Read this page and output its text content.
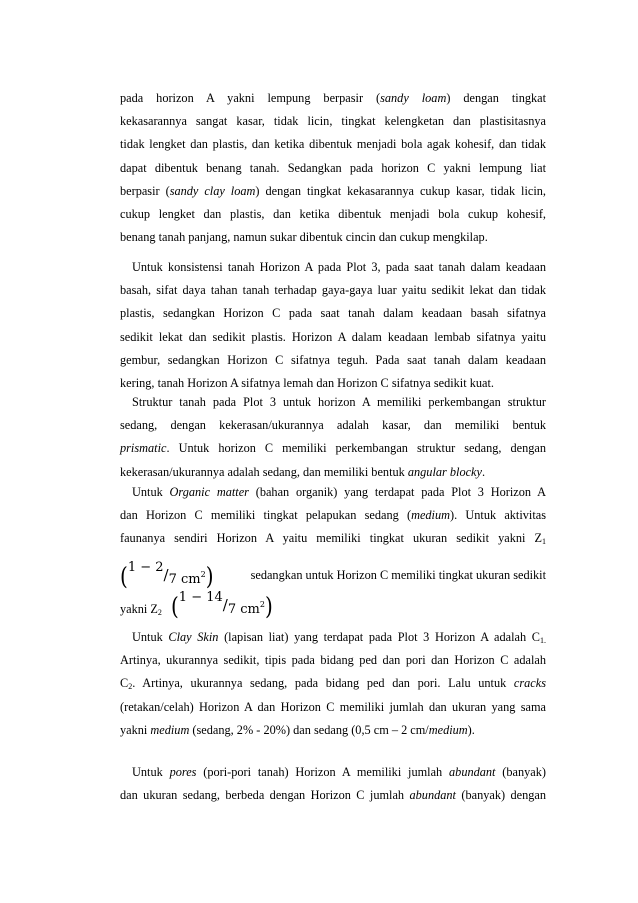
pada horizon A yakni lempung berpasir (sandy loam) dengan tingkat
kekasarannya sangat kasar, tidak licin, tingkat kelengketan dan plastisitasnya
tidak lengket dan plastis, dan ketika dibentuk menjadi bola agak kohesif, dan tidak
dapat dibentuk benang tanah. Sedangkan pada horizon C yakni lempung liat
berpasir (sandy clay loam) dengan tingkat kekasarannya cukup kasar, tidak licin,
cukup lengket dan plastis, dan ketika dibentuk menjadi bola cukup kohesif,
benang tanah panjang, namun sukar dibentuk cincin dan cukup mengkilap.
Untuk konsistensi tanah Horizon A pada Plot 3, pada saat tanah dalam keadaan
basah, sifat daya tahan tanah terhadap gaya-gaya luar yaitu sedikit lekat dan tidak
plastis, sedangkan Horizon C pada saat tanah dalam keadaan basah sifatnya
sedikit lekat dan sedikit plastis. Horizon A dalam keadaan lembab sifatnya yaitu
gembur, sedangkan Horizon C sifatnya teguh. Pada saat tanah dalam keadaan
kering, tanah Horizon A sifatnya lemah dan Horizon C sifatnya sedikit kuat.
Struktur tanah pada Plot 3 untuk horizon A memiliki perkembangan struktur
sedang, dengan kekerasan/ukurannya adalah kasar, dan memiliki bentuk
prismatic. Untuk horizon C memiliki perkembangan struktur sedang, dengan
kekerasan/ukurannya adalah sedang, dan memiliki bentuk angular blocky.
Untuk Organic matter (bahan organik) yang terdapat pada Plot 3 Horizon A
dan Horizon C memiliki tingkat pelapukan sedang (medium). Untuk aktivitas
faunanya sendiri Horizon A yaitu memiliki tingkat ukuran sedikit yakni $Z_1$
(1 − 2/7 $cm^2$)	sedangkan untuk Horizon C memiliki tingkat ukuran sedikit
yakni $Z_2$ (1 − 14/7 $cm^2$)
Untuk Clay Skin (lapisan liat) yang terdapat pada Plot 3 Horizon A adalah $C_{1.}$
Artinya, ukurannya sedikit, tipis pada bidang ped dan pori dan Horizon C adalah
$C_2$. Artinya, ukurannya sedang, pada bidang ped dan pori. Lalu untuk cracks
(retakan/celah) Horizon A dan Horizon C memiliki jumlah dan ukuran yang sama
yakni medium (sedang, 2% - 20%) dan sedang (0,5 cm – 2 cm/medium).
Untuk pores (pori-pori tanah) Horizon A memiliki jumlah abundant (banyak)
dan ukuran sedang, berbeda dengan Horizon C jumlah abundant (banyak) dengan
